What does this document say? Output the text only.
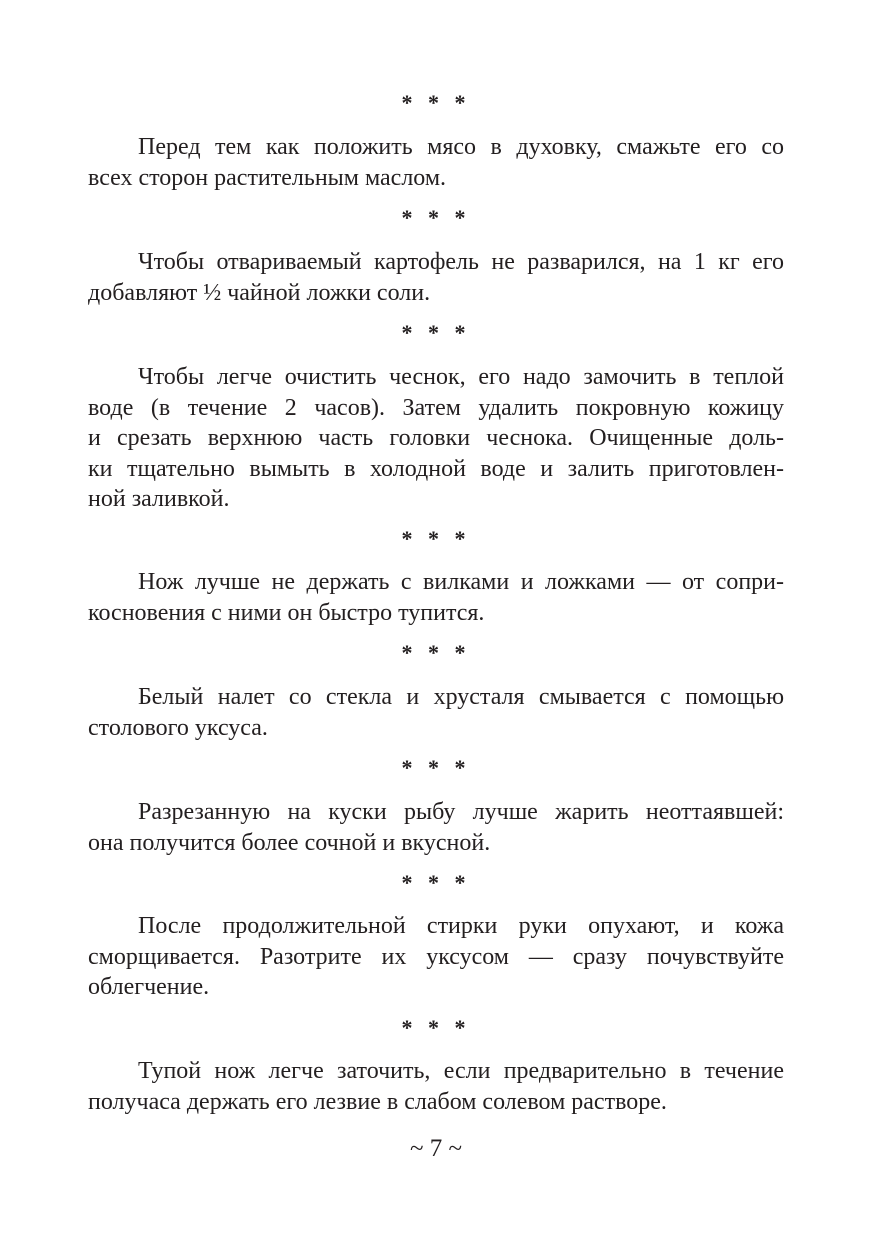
* * *

Перед тем как положить мясо в духовку, смажьте его со
всех сторон растительным маслом.

* * *

Чтобы отвариваемый картофель не разварился, на 1 кг его
добавляют ½ чайной ложки соли.

* * *

Чтобы легче очистить чеснок, его надо замочить в теплой
воде (в течение 2 часов). Затем удалить покровную кожицу
и срезать верхнюю часть головки чеснока. Очищенные доль-
ки тщательно вымыть в холодной воде и залить приготовлен-
ной заливкой.

* * *

Нож лучше не держать с вилками и ложками — от сопри-
косновения с ними он быстро тупится.

* * *

Белый налет со стекла и хрусталя смывается с помощью
столового уксуса.

* * *

Разрезанную на куски рыбу лучше жарить неоттаявшей:
она получится более сочной и вкусной.

* * *

После продолжительной стирки руки опухают, и кожа
сморщивается. Разотрите их уксусом — сразу почувствуйте
облегчение.

* * *

Тупой нож легче заточить, если предварительно в течение
получаса держать его лезвие в слабом солевом растворе.

~ 7 ~
